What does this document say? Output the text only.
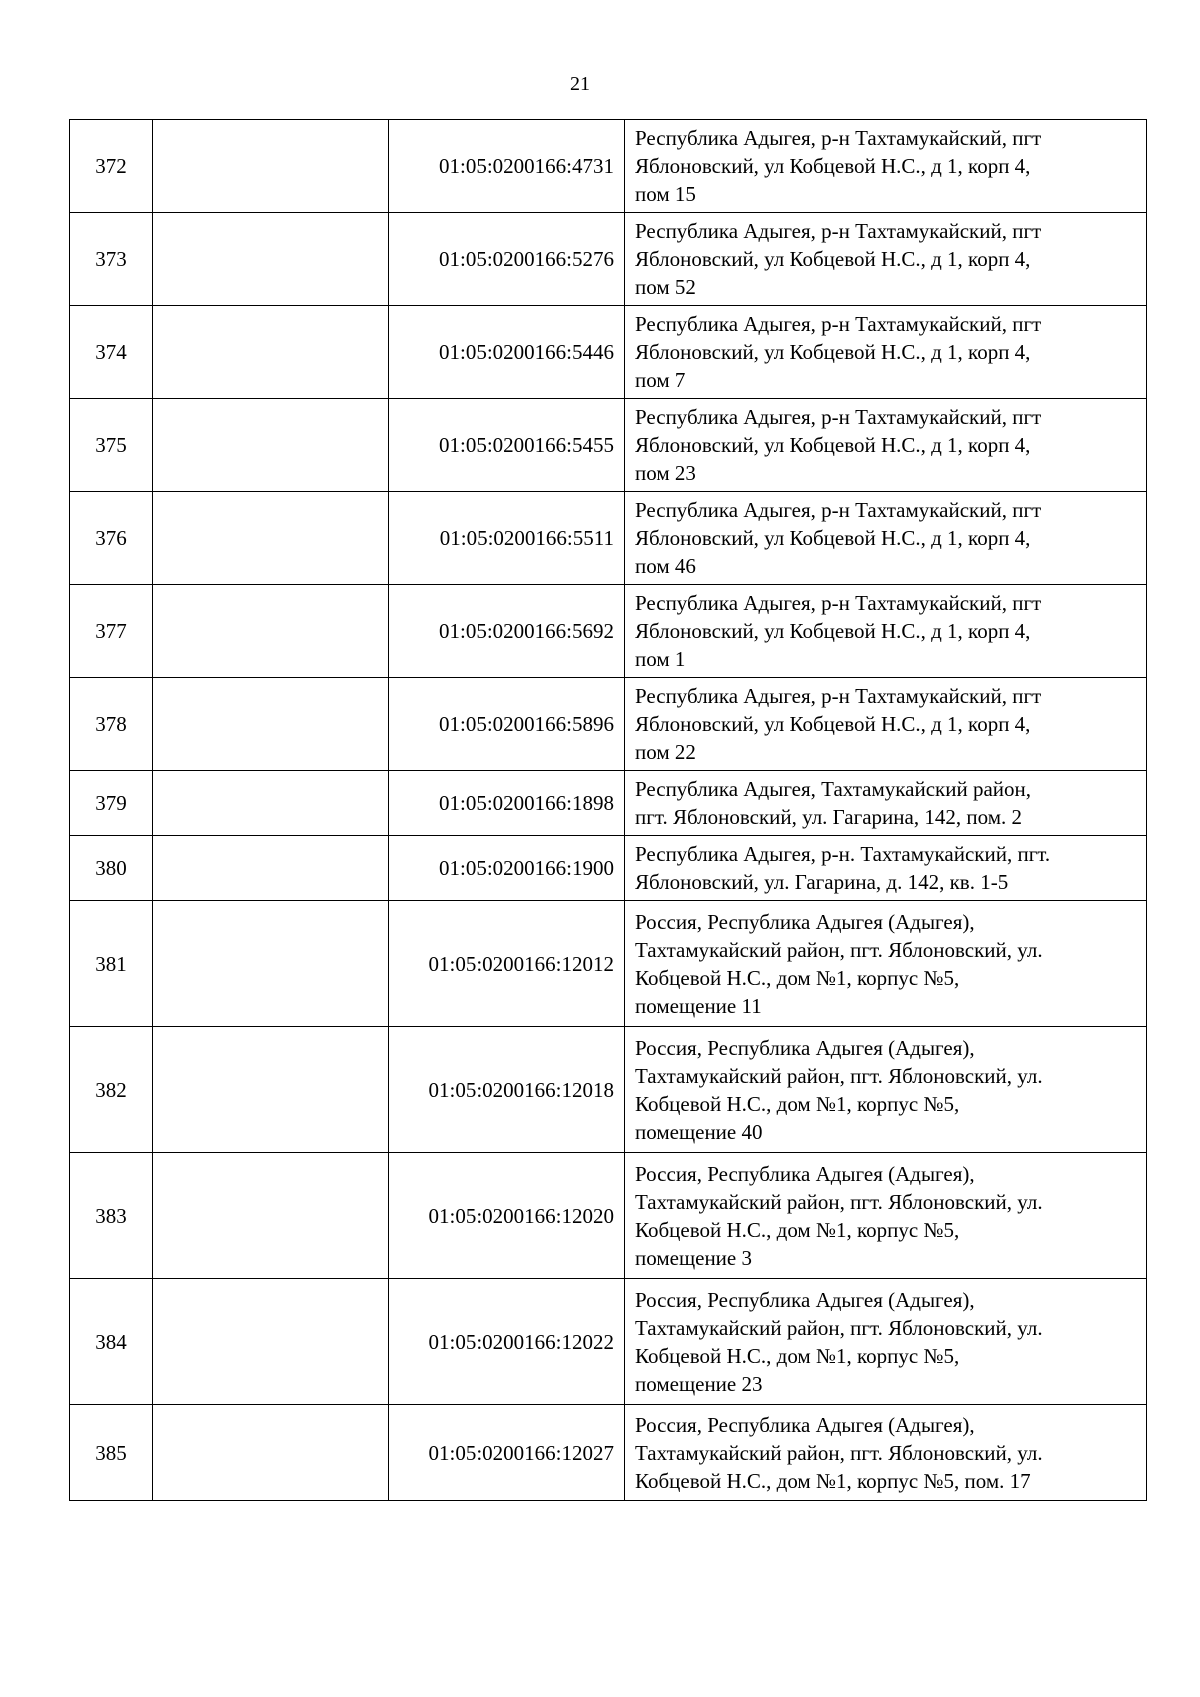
21
372		01:05:0200166:4731	Республика Адыгея, р-н Тахтамукайский, пгт
Яблоновский, ул Кобцевой Н.С., д 1, корп 4,
пом 15

373		01:05:0200166:5276	Республика Адыгея, р-н Тахтамукайский, пгт
Яблоновский, ул Кобцевой Н.С., д 1, корп 4,
пом 52

374		01:05:0200166:5446	Республика Адыгея, р-н Тахтамукайский, пгт
Яблоновский, ул Кобцевой Н.С., д 1, корп 4,
пом 7

375		01:05:0200166:5455	Республика Адыгея, р-н Тахтамукайский, пгт
Яблоновский, ул Кобцевой Н.С., д 1, корп 4,
пом 23

376		01:05:0200166:5511	Республика Адыгея, р-н Тахтамукайский, пгт
Яблоновский, ул Кобцевой Н.С., д 1, корп 4,
пом 46

377		01:05:0200166:5692	Республика Адыгея, р-н Тахтамукайский, пгт
Яблоновский, ул Кобцевой Н.С., д 1, корп 4,
пом 1

378		01:05:0200166:5896	Республика Адыгея, р-н Тахтамукайский, пгт
Яблоновский, ул Кобцевой Н.С., д 1, корп 4,
пом 22

379		01:05:0200166:1898	Республика Адыгея, Тахтамукайский район,
пгт. Яблоновский, ул. Гагарина, 142, пом. 2

380		01:05:0200166:1900	Республика Адыгея, р-н. Тахтамукайский, пгт.
Яблоновский, ул. Гагарина, д. 142, кв. 1-5

381		01:05:0200166:12012	Россия, Республика Адыгея (Адыгея),
Тахтамукайский район, пгт. Яблоновский, ул.
Кобцевой Н.С., дом №1, корпус №5,
помещение 11

382		01:05:0200166:12018	Россия, Республика Адыгея (Адыгея),
Тахтамукайский район, пгт. Яблоновский, ул.
Кобцевой Н.С., дом №1, корпус №5,
помещение 40

383		01:05:0200166:12020	Россия, Республика Адыгея (Адыгея),
Тахтамукайский район, пгт. Яблоновский, ул.
Кобцевой Н.С., дом №1, корпус №5,
помещение 3

384		01:05:0200166:12022	Россия, Республика Адыгея (Адыгея),
Тахтамукайский район, пгт. Яблоновский, ул.
Кобцевой Н.С., дом №1, корпус №5,
помещение 23

385		01:05:0200166:12027	Россия, Республика Адыгея (Адыгея),
Тахтамукайский район, пгт. Яблоновский, ул.
Кобцевой Н.С., дом №1, корпус №5, пом. 17
